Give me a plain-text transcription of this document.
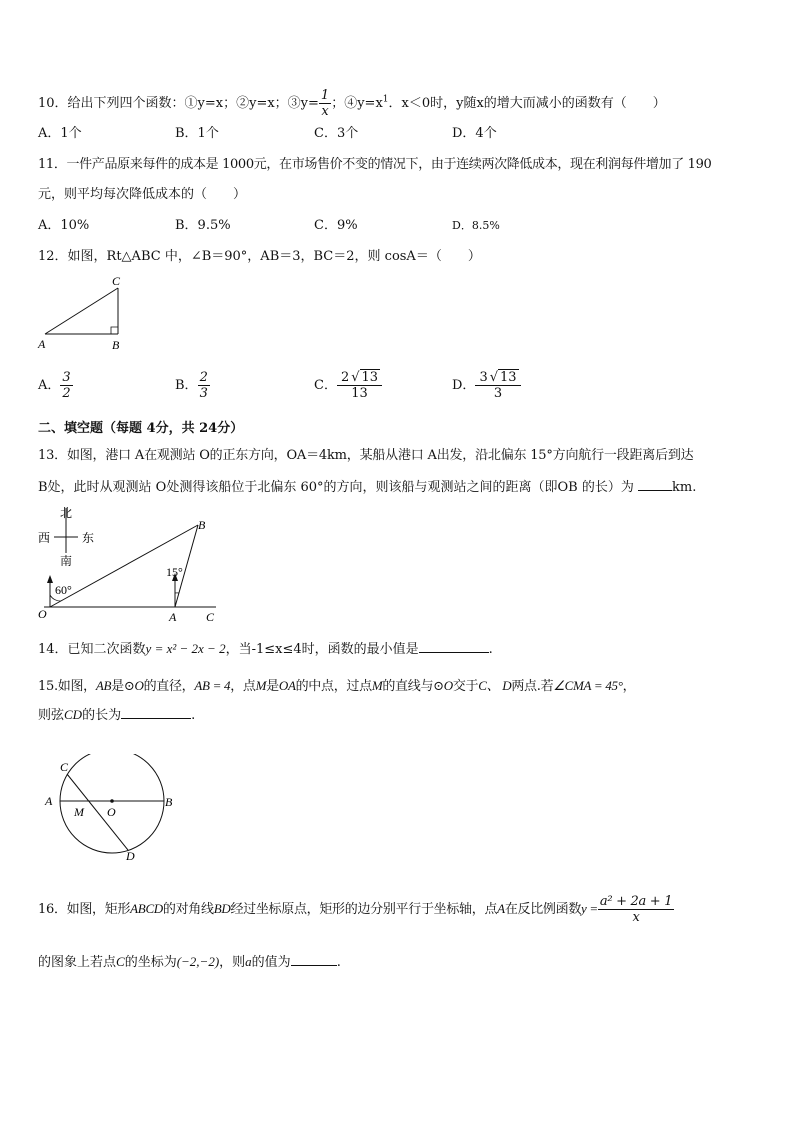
10．给出下列四个函数：①y=x；②y=x；③y= $\frac{1}{x}$ ；$④y=x^1$．x＜0时，y随x的增大而减小的函数有（　　）
A．1个	B．1个	C．3个	D．4个
11．一件产品原来每件的成本是 1000元，在市场售价不变的情况下，由于连续两次降低成本，现在利润每件增加了 190
元，则平均每次降低成本的（　　）
A．10%	B．9.5%	C．9%	D．8.5%
12．如图，Rt△ABC 中，∠B＝90°，AB＝3，BC＝2，则 cosA＝（　　）
C
A	B
A． $\frac{3}{2}$	B． $\frac{2}{3}$	C． $\frac{2 √ 13}{13}$	D． $\frac{3 √ 13}{3}$
二、填空题（每题 4分，共 24分）
13．如图，港口 A在观测站 O的正东方向，OA＝4km，某船从港口 A出发，沿北偏东 15°方向航行一段距离后到达
B处，此时从观测站 O处测得该船位于北偏东 60°的方向，则该船与观测站之间的距离（即OB 的长）为	km.
北
西	东
南
60°
15°
O	A
B
C
14．已知二次函数y = x² − 2x − 2，当-1≤x≤4时，函数的最小值是	.
15.如图，AB是⊙O的直径，AB = 4，点M是OA的中点，过点M的直线与⊙O交于C、 D两点.若∠CMA = 45°，
则弦CD的长为	.
C
A	B
M O
D
16．如图，矩形ABCD的对角线BD经过坐标原点，矩形的边分别平行于坐标轴，点A在反比例函数$y = \frac{\text{a² + 2a + 1}}{x}$
的图象上若点C的坐标为(−2,−2)，则a的值为	.
